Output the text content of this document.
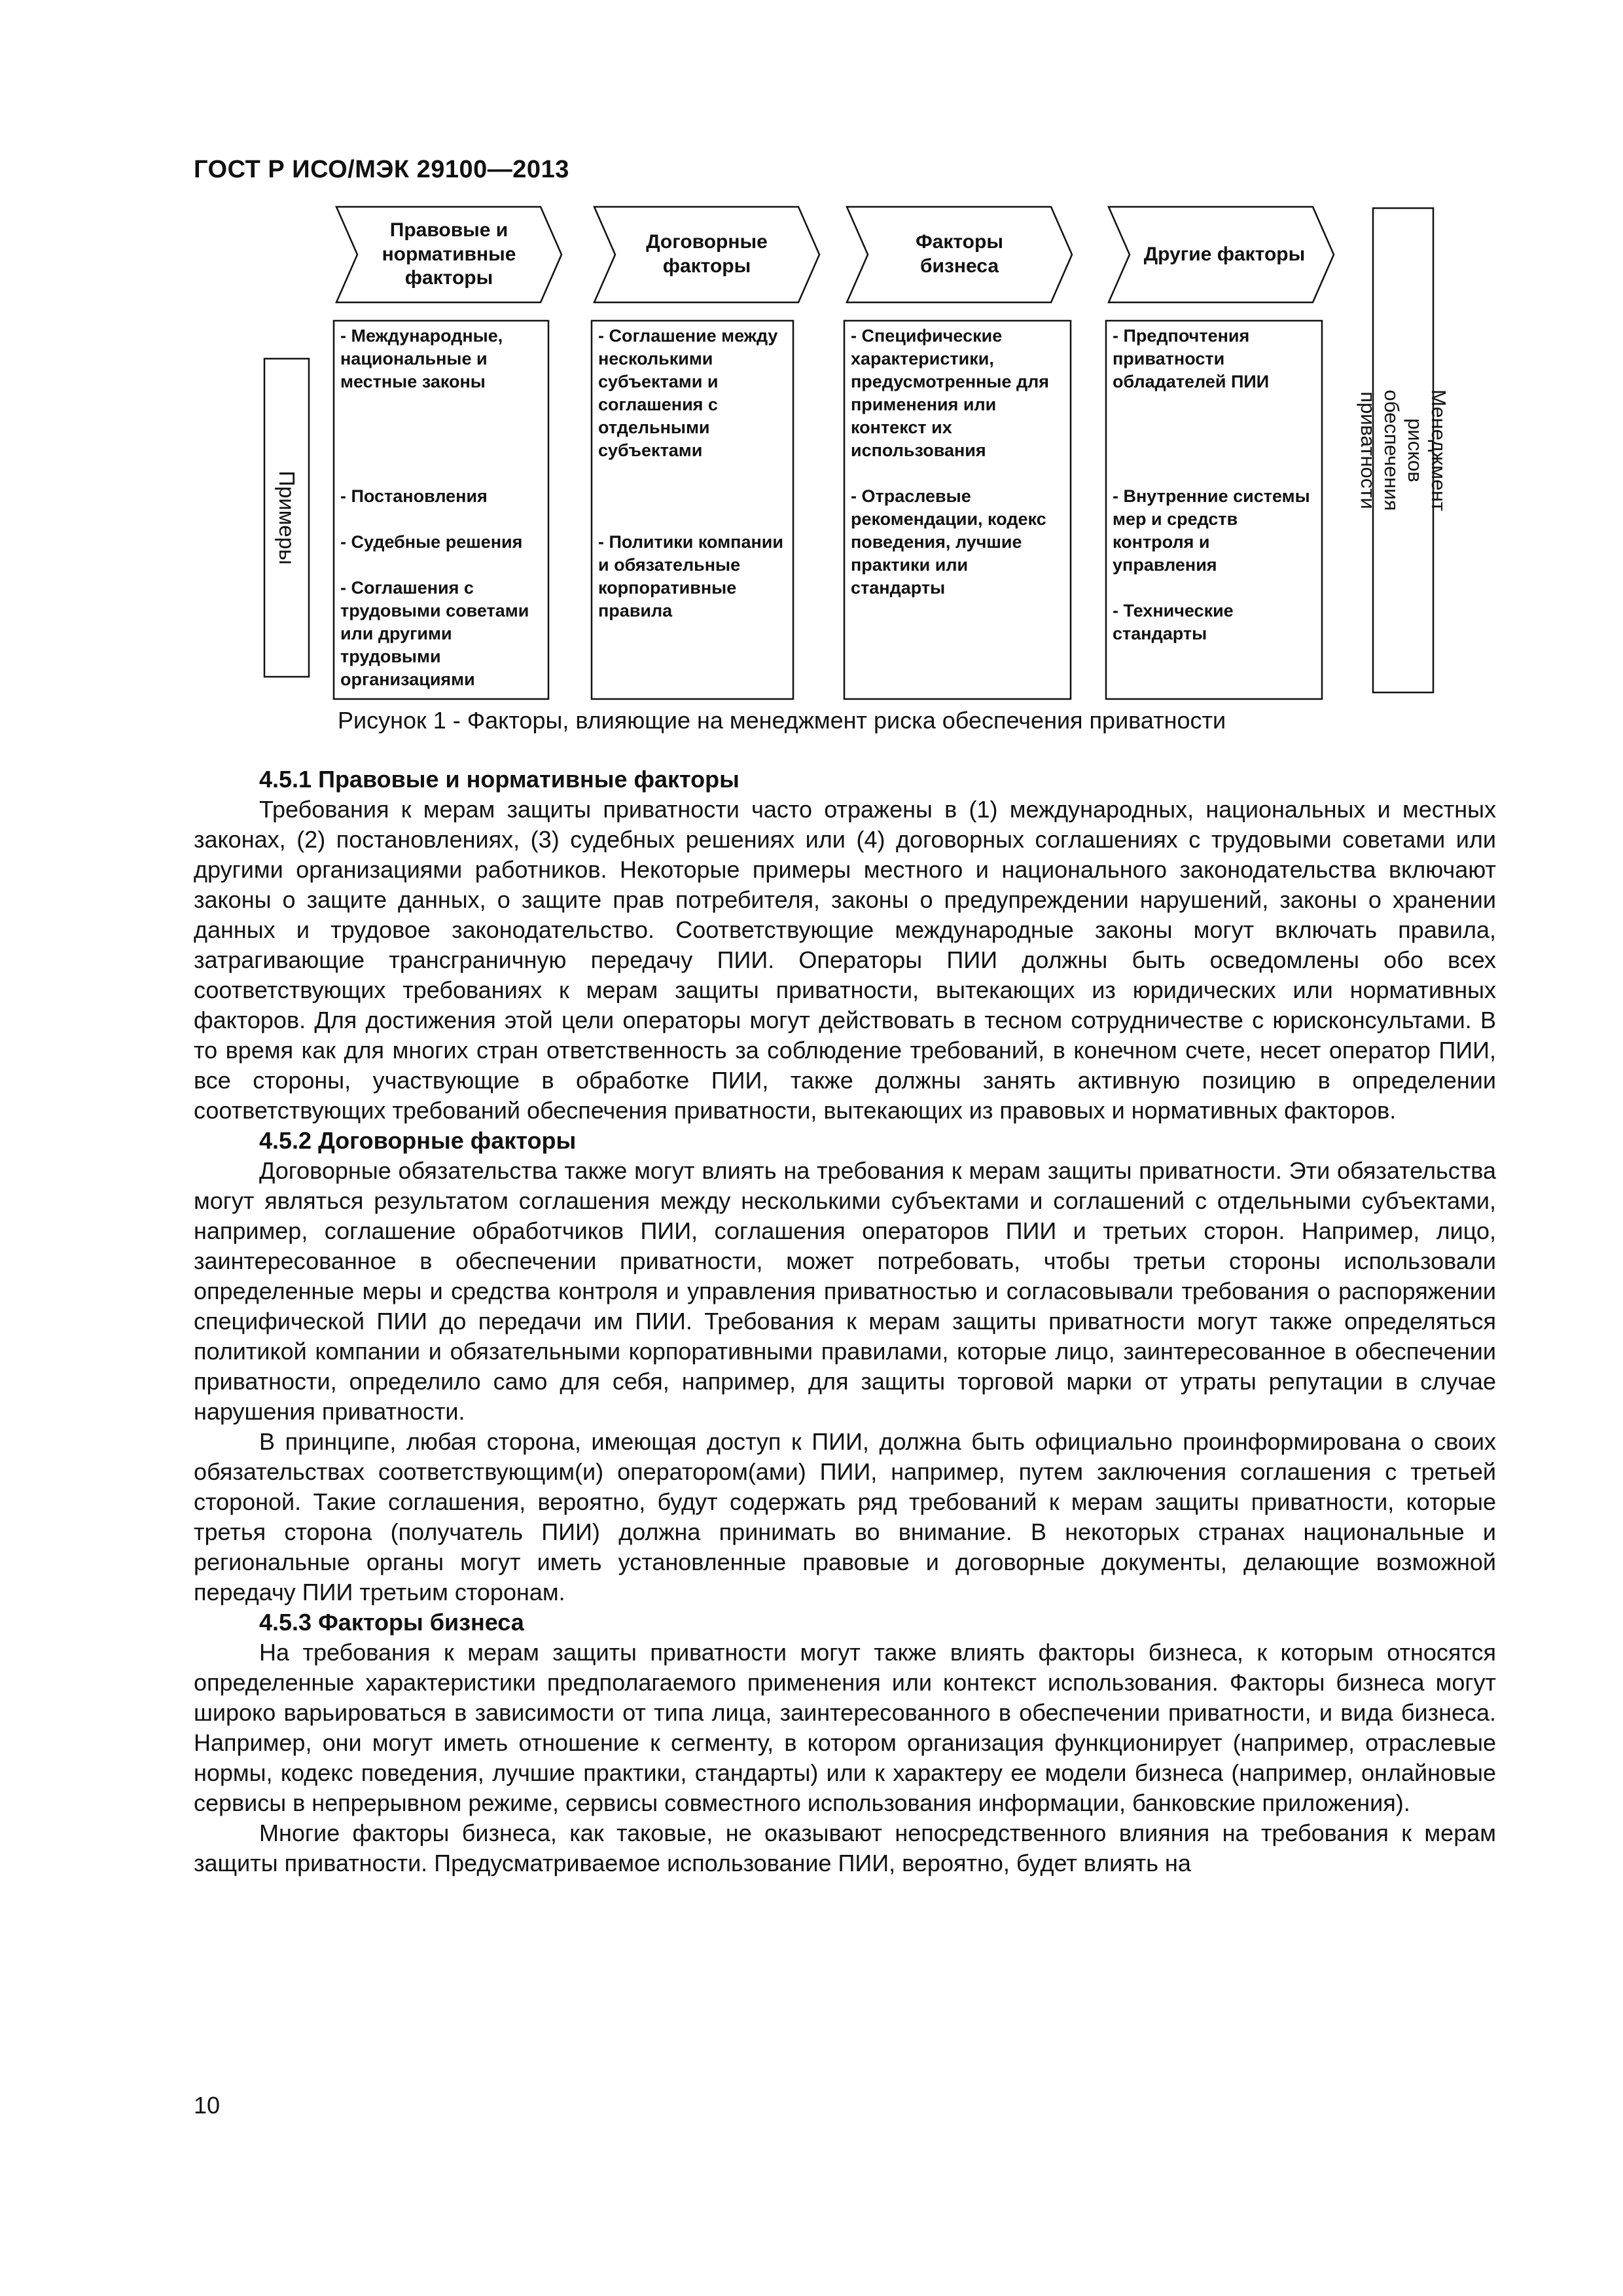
ГОСТ Р ИСО/МЭК 29100—2013
Правовые и
нормативные
факторы
Договорные
факторы
Факторы
бизнеса
Другие факторы
- Международные,
национальные и
местные законы

- Постановления

- Судебные решения

- Соглашения с
трудовыми советами
или другими
трудовыми
организациями
- Соглашение между
несколькими
субъектами и
соглашения с
отдельными
субъектами

- Политики компании
и обязательные
корпоративные
правила
- Специфические
характеристики,
предусмотренные для
применения или
контекст их
использования

- Отраслевые
рекомендации, кодекс
поведения, лучшие
практики или
стандарты
- Предпочтения
приватности
обладателей ПИИ

- Внутренние системы
мер и средств
контроля и
управления

- Технические
стандарты
Примеры
Менеджмент рисков обеспечения
приватности
Рисунок 1 - Факторы, влияющие на менеджмент риска обеспечения приватности
4.5.1 Правовые и нормативные факторы

Требования к мерам защиты приватности часто отражены в (1) международных, национальных и местных законах, (2) постановлениях, (3) судебных решениях или (4) договорных соглашениях с трудовыми советами или другими организациями работников. Некоторые примеры местного и национального законодательства включают законы о защите данных, о защите прав потребителя, законы о предупреждении нарушений, законы о хранении данных и трудовое законодательство. Соответствующие международные законы могут включать правила, затрагивающие трансграничную передачу ПИИ. Операторы ПИИ должны быть осведомлены обо всех соответствующих требованиях к мерам защиты приватности, вытекающих из юридических или нормативных факторов. Для достижения этой цели операторы могут действовать в тесном сотрудничестве с юрисконсультами. В то время как для многих стран ответственность за соблюдение требований, в конечном счете, несет оператор ПИИ, все стороны, участвующие в обработке ПИИ, также должны занять активную позицию в определении соответствующих требований обеспечения приватности, вытекающих из правовых и нормативных факторов.

4.5.2 Договорные факторы

Договорные обязательства также могут влиять на требования к мерам защиты приватности. Эти обязательства могут являться результатом соглашения между несколькими субъектами и соглашений с отдельными субъектами, например, соглашение обработчиков ПИИ, соглашения операторов ПИИ и третьих сторон. Например, лицо, заинтересованное в обеспечении приватности, может потребовать, чтобы третьи стороны использовали определенные меры и средства контроля и управления приватностью и согласовывали требования о распоряжении специфической ПИИ до передачи им ПИИ. Требования к мерам защиты приватности могут также определяться политикой компании и обязательными корпоративными правилами, которые лицо, заинтересованное в обеспечении приватности, определило само для себя, например, для защиты торговой марки от утраты репутации в случае нарушения приватности.

В принципе, любая сторона, имеющая доступ к ПИИ, должна быть официально проинформирована о своих обязательствах соответствующим(и) оператором(ами) ПИИ, например, путем заключения соглашения с третьей стороной. Такие соглашения, вероятно, будут содержать ряд требований к мерам защиты приватности, которые третья сторона (получатель ПИИ) должна принимать во внимание. В некоторых странах национальные и региональные органы могут иметь установленные правовые и договорные документы, делающие возможной передачу ПИИ третьим сторонам.

4.5.3 Факторы бизнеса

На требования к мерам защиты приватности могут также влиять факторы бизнеса, к которым относятся определенные характеристики предполагаемого применения или контекст использования. Факторы бизнеса могут широко варьироваться в зависимости от типа лица, заинтересованного в обеспечении приватности, и вида бизнеса. Например, они могут иметь отношение к сегменту, в котором организация функционирует (например, отраслевые нормы, кодекс поведения, лучшие практики, стандарты) или к характеру ее модели бизнеса (например, онлайновые сервисы в непрерывном режиме, сервисы совместного использования информации, банковские приложения).

Многие факторы бизнеса, как таковые, не оказывают непосредственного влияния на требования к мерам защиты приватности. Предусматриваемое использование ПИИ, вероятно, будет влиять на

10
